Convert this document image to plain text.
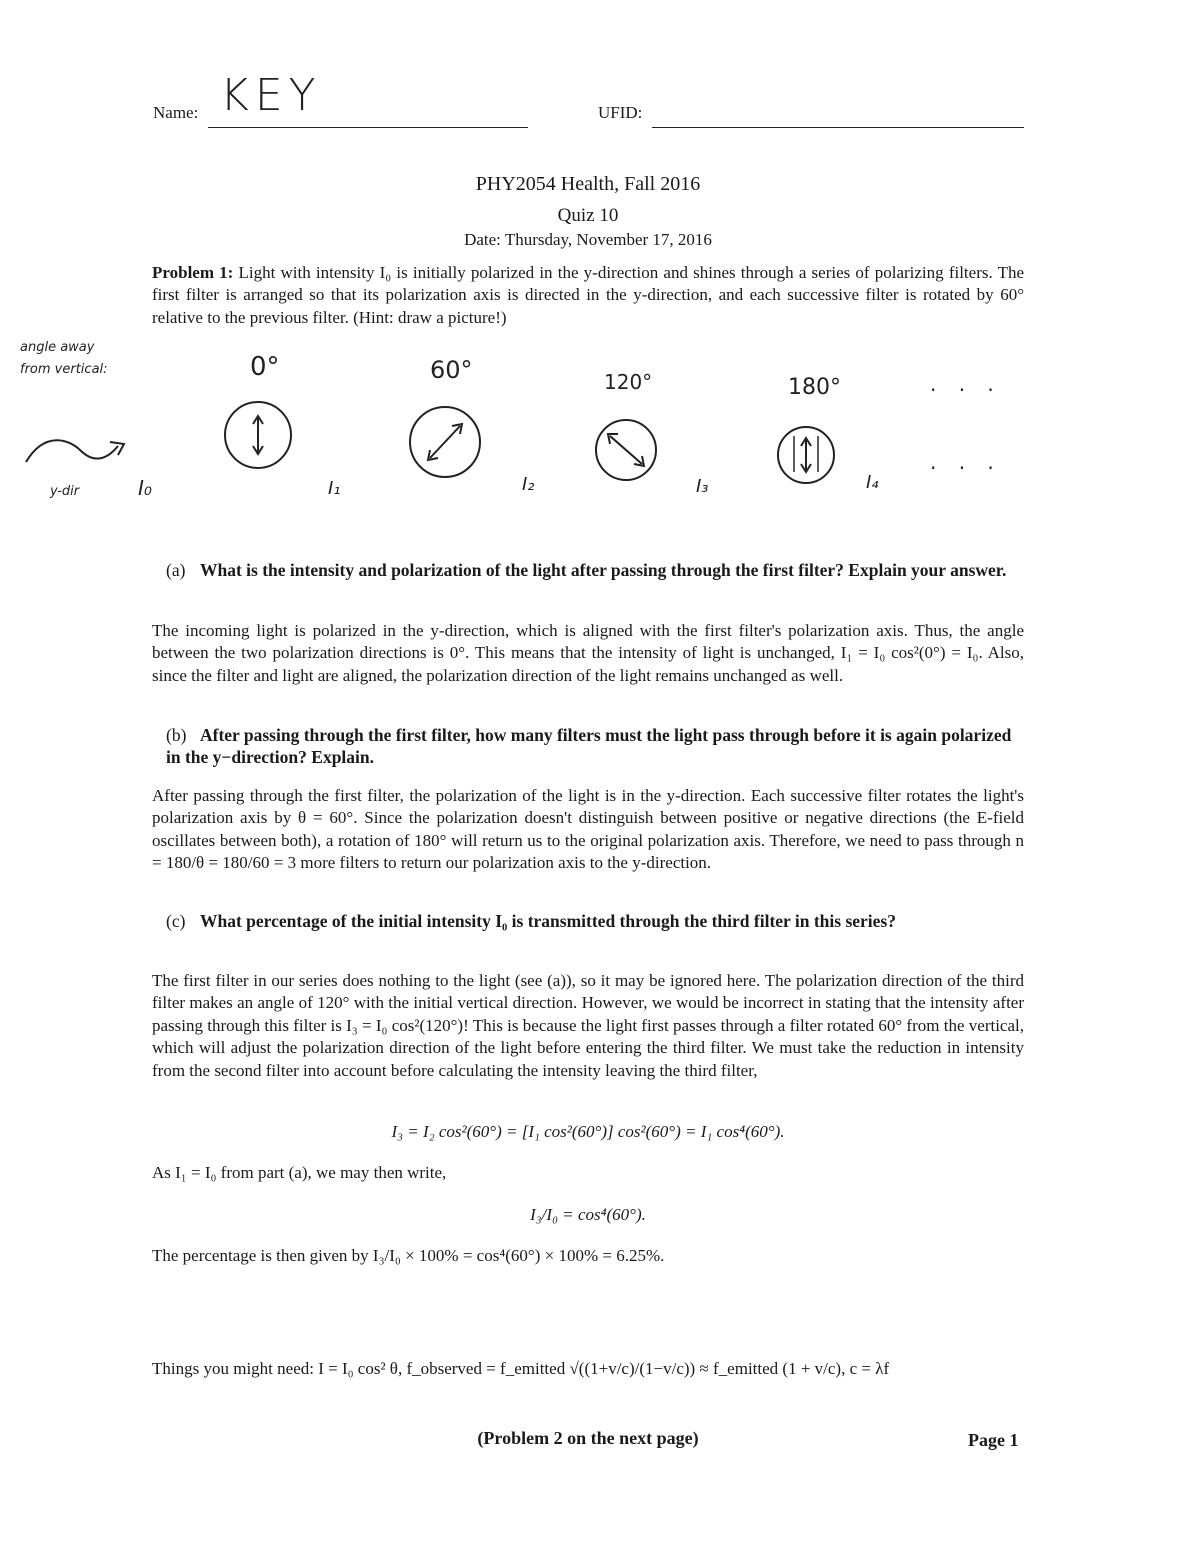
Name: KEY	UFID:
PHY2054 Health, Fall 2016
Quiz 10
Date: Thursday, November 17, 2016
Problem 1: Light with intensity I₀ is initially polarized in the y-direction and shines through a series of polarizing filters. The first filter is arranged so that its polarization axis is directed in the y-direction, and each successive filter is rotated by 60° relative to the previous filter. (Hint: draw a picture!)
angle away
from vertical:	0°	60°	120°	180°	. . .
. . .
y-dir	I₀	I₁	I₂	I₃	I₄
(a) What is the intensity and polarization of the light after passing through the first filter? Explain your answer.
The incoming light is polarized in the y-direction, which is aligned with the first filter's polarization axis. Thus, the angle between the two polarization directions is 0°. This means that the intensity of light is unchanged, I₁ = I₀ cos²(0°) = I₀. Also, since the filter and light are aligned, the polarization direction of the light remains unchanged as well.
(b) After passing through the first filter, how many filters must the light pass through before it is again polarized in the y−direction? Explain.
After passing through the first filter, the polarization of the light is in the y-direction. Each successive filter rotates the light's polarization axis by θ = 60°. Since the polarization doesn't distinguish between positive or negative directions (the E-field oscillates between both), a rotation of 180° will return us to the original polarization axis. Therefore, we need to pass through n = 180/θ = 180/60 = 3 more filters to return our polarization axis to the y-direction.
(c) What percentage of the initial intensity I₀ is transmitted through the third filter in this series?
The first filter in our series does nothing to the light (see (a)), so it may be ignored here. The polarization direction of the third filter makes an angle of 120° with the initial vertical direction. However, we would be incorrect in stating that the intensity after passing through this filter is I₃ = I₀ cos²(120°)! This is because the light first passes through a filter rotated 60° from the vertical, which will adjust the polarization direction of the light before entering the third filter. We must take the reduction in intensity from the second filter into account before calculating the intensity leaving the third filter,
I₃ = I₂ cos²(60°) = [I₁ cos²(60°)] cos²(60°) = I₁ cos⁴(60°).
As I₁ = I₀ from part (a), we may then write,
I₃/I₀ = cos⁴(60°).
The percentage is then given by I₃/I₀ × 100% = cos⁴(60°) × 100% = 6.25%.
Things you might need: I = I₀ cos² θ, f_observed = f_emitted √((1+v/c)/(1−v/c)) ≈ f_emitted (1 + v/c), c = λf
(Problem 2 on the next page)	Page 1
